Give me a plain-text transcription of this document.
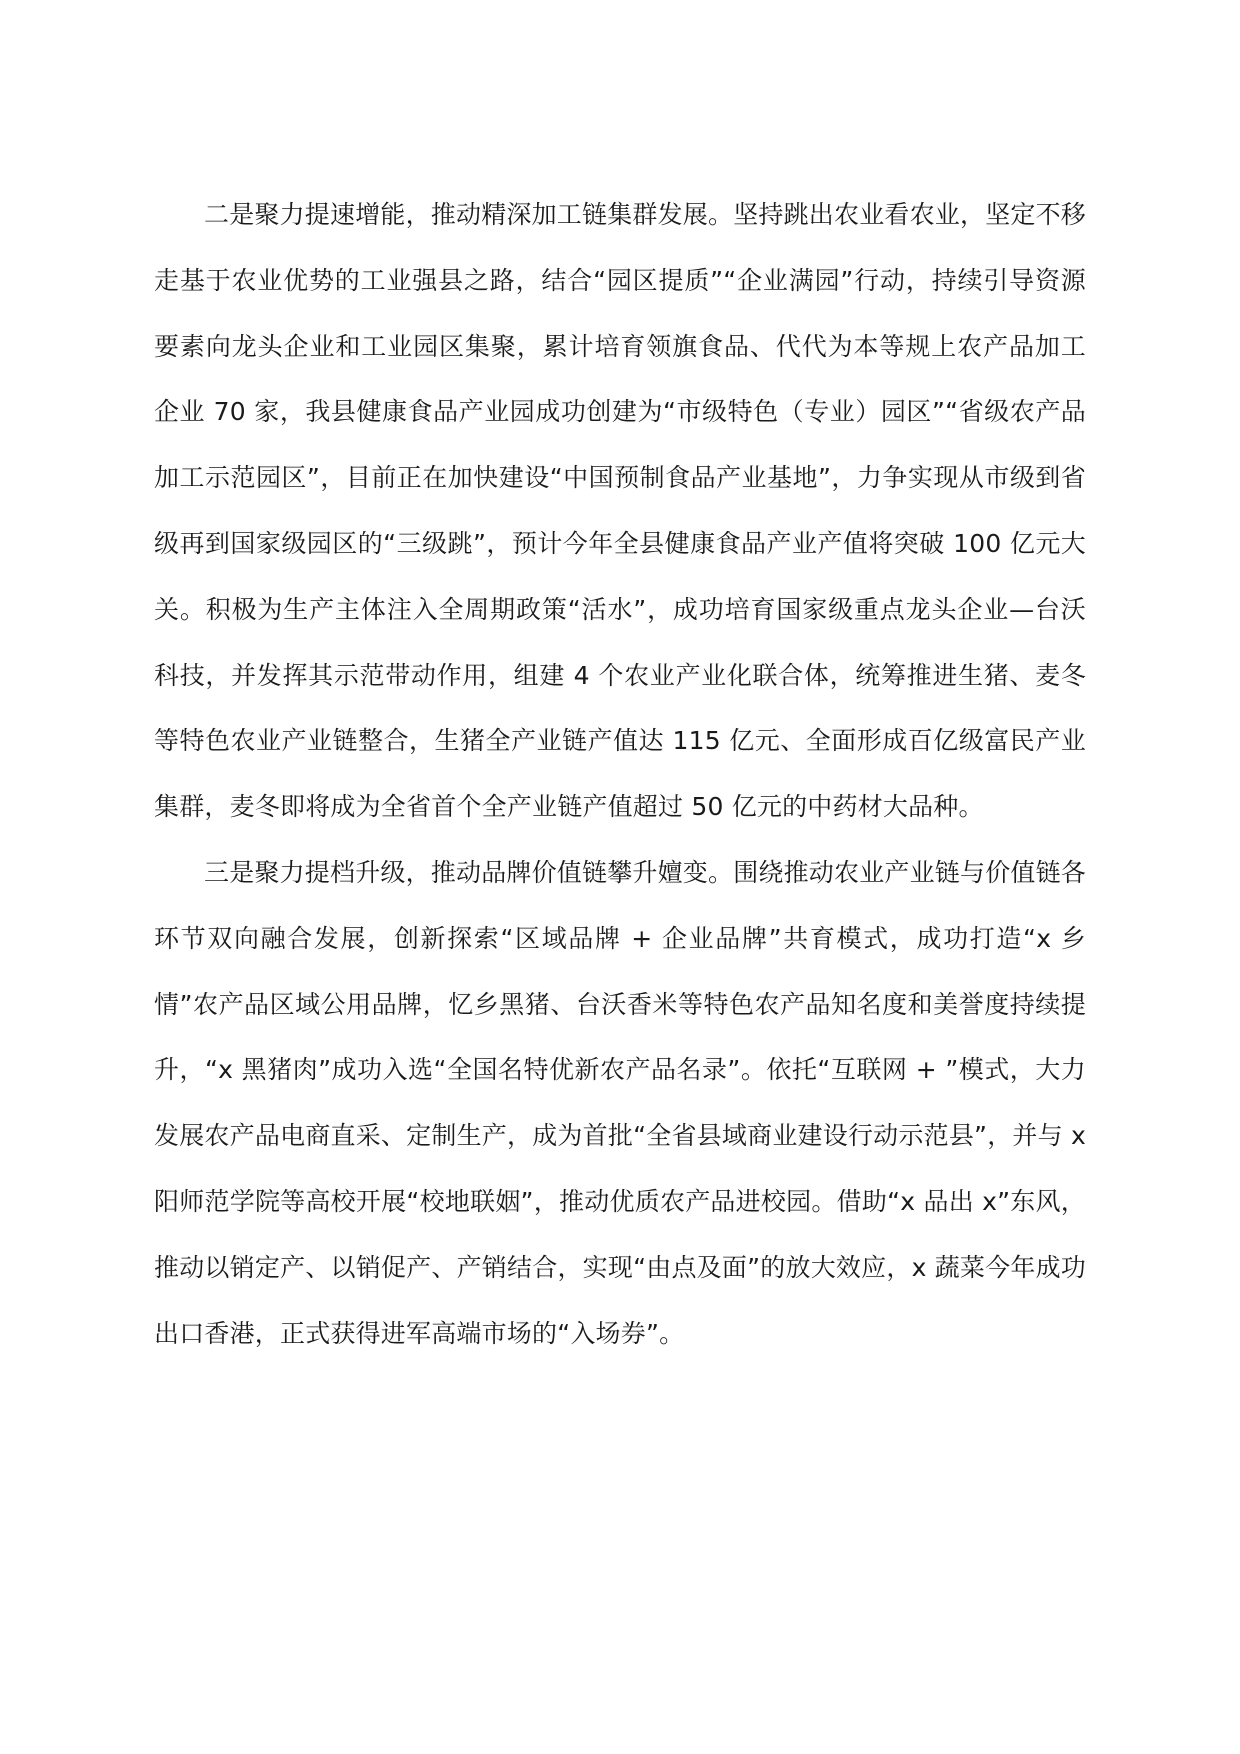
二是聚力提速增能，推动精深加工链集群发展。坚持跳出农业看农业，坚定不移走基于农业优势的工业强县之路，结合“园区提质”“企业满园”行动，持续引导资源要素向龙头企业和工业园区集聚，累计培育领旗食品、代代为本等规上农产品加工企业 70 家，我县健康食品产业园成功创建为“市级特色（专业）园区”“省级农产品加工示范园区”，目前正在加快建设“中国预制食品产业基地”，力争实现从市级到省级再到国家级园区的“三级跳”，预计今年全县健康食品产业产值将突破 100 亿元大关。积极为生产主体注入全周期政策“活水”，成功培育国家级重点龙头企业—台沃科技，并发挥其示范带动作用，组建 4 个农业产业化联合体，统筹推进生猪、麦冬等特色农业产业链整合，生猪全产业链产值达 115 亿元、全面形成百亿级富民产业集群，麦冬即将成为全省首个全产业链产值超过 50 亿元的中药材大品种。

三是聚力提档升级，推动品牌价值链攀升嬗变。围绕推动农业产业链与价值链各环节双向融合发展，创新探索“区域品牌 + 企业品牌”共育模式，成功打造“x 乡情”农产品区域公用品牌，忆乡黑猪、台沃香米等特色农产品知名度和美誉度持续提升，“x 黑猪肉”成功入选“全国名特优新农产品名录”。依托“互联网 + ”模式，大力发展农产品电商直采、定制生产，成为首批“全省县域商业建设行动示范县”，并与 x 阳师范学院等高校开展“校地联姻”，推动优质农产品进校园。借助“x 品出 x”东风，推动以销定产、以销促产、产销结合，实现“由点及面”的放大效应，x 蔬菜今年成功出口香港，正式获得进军高端市场的“入场券”。
